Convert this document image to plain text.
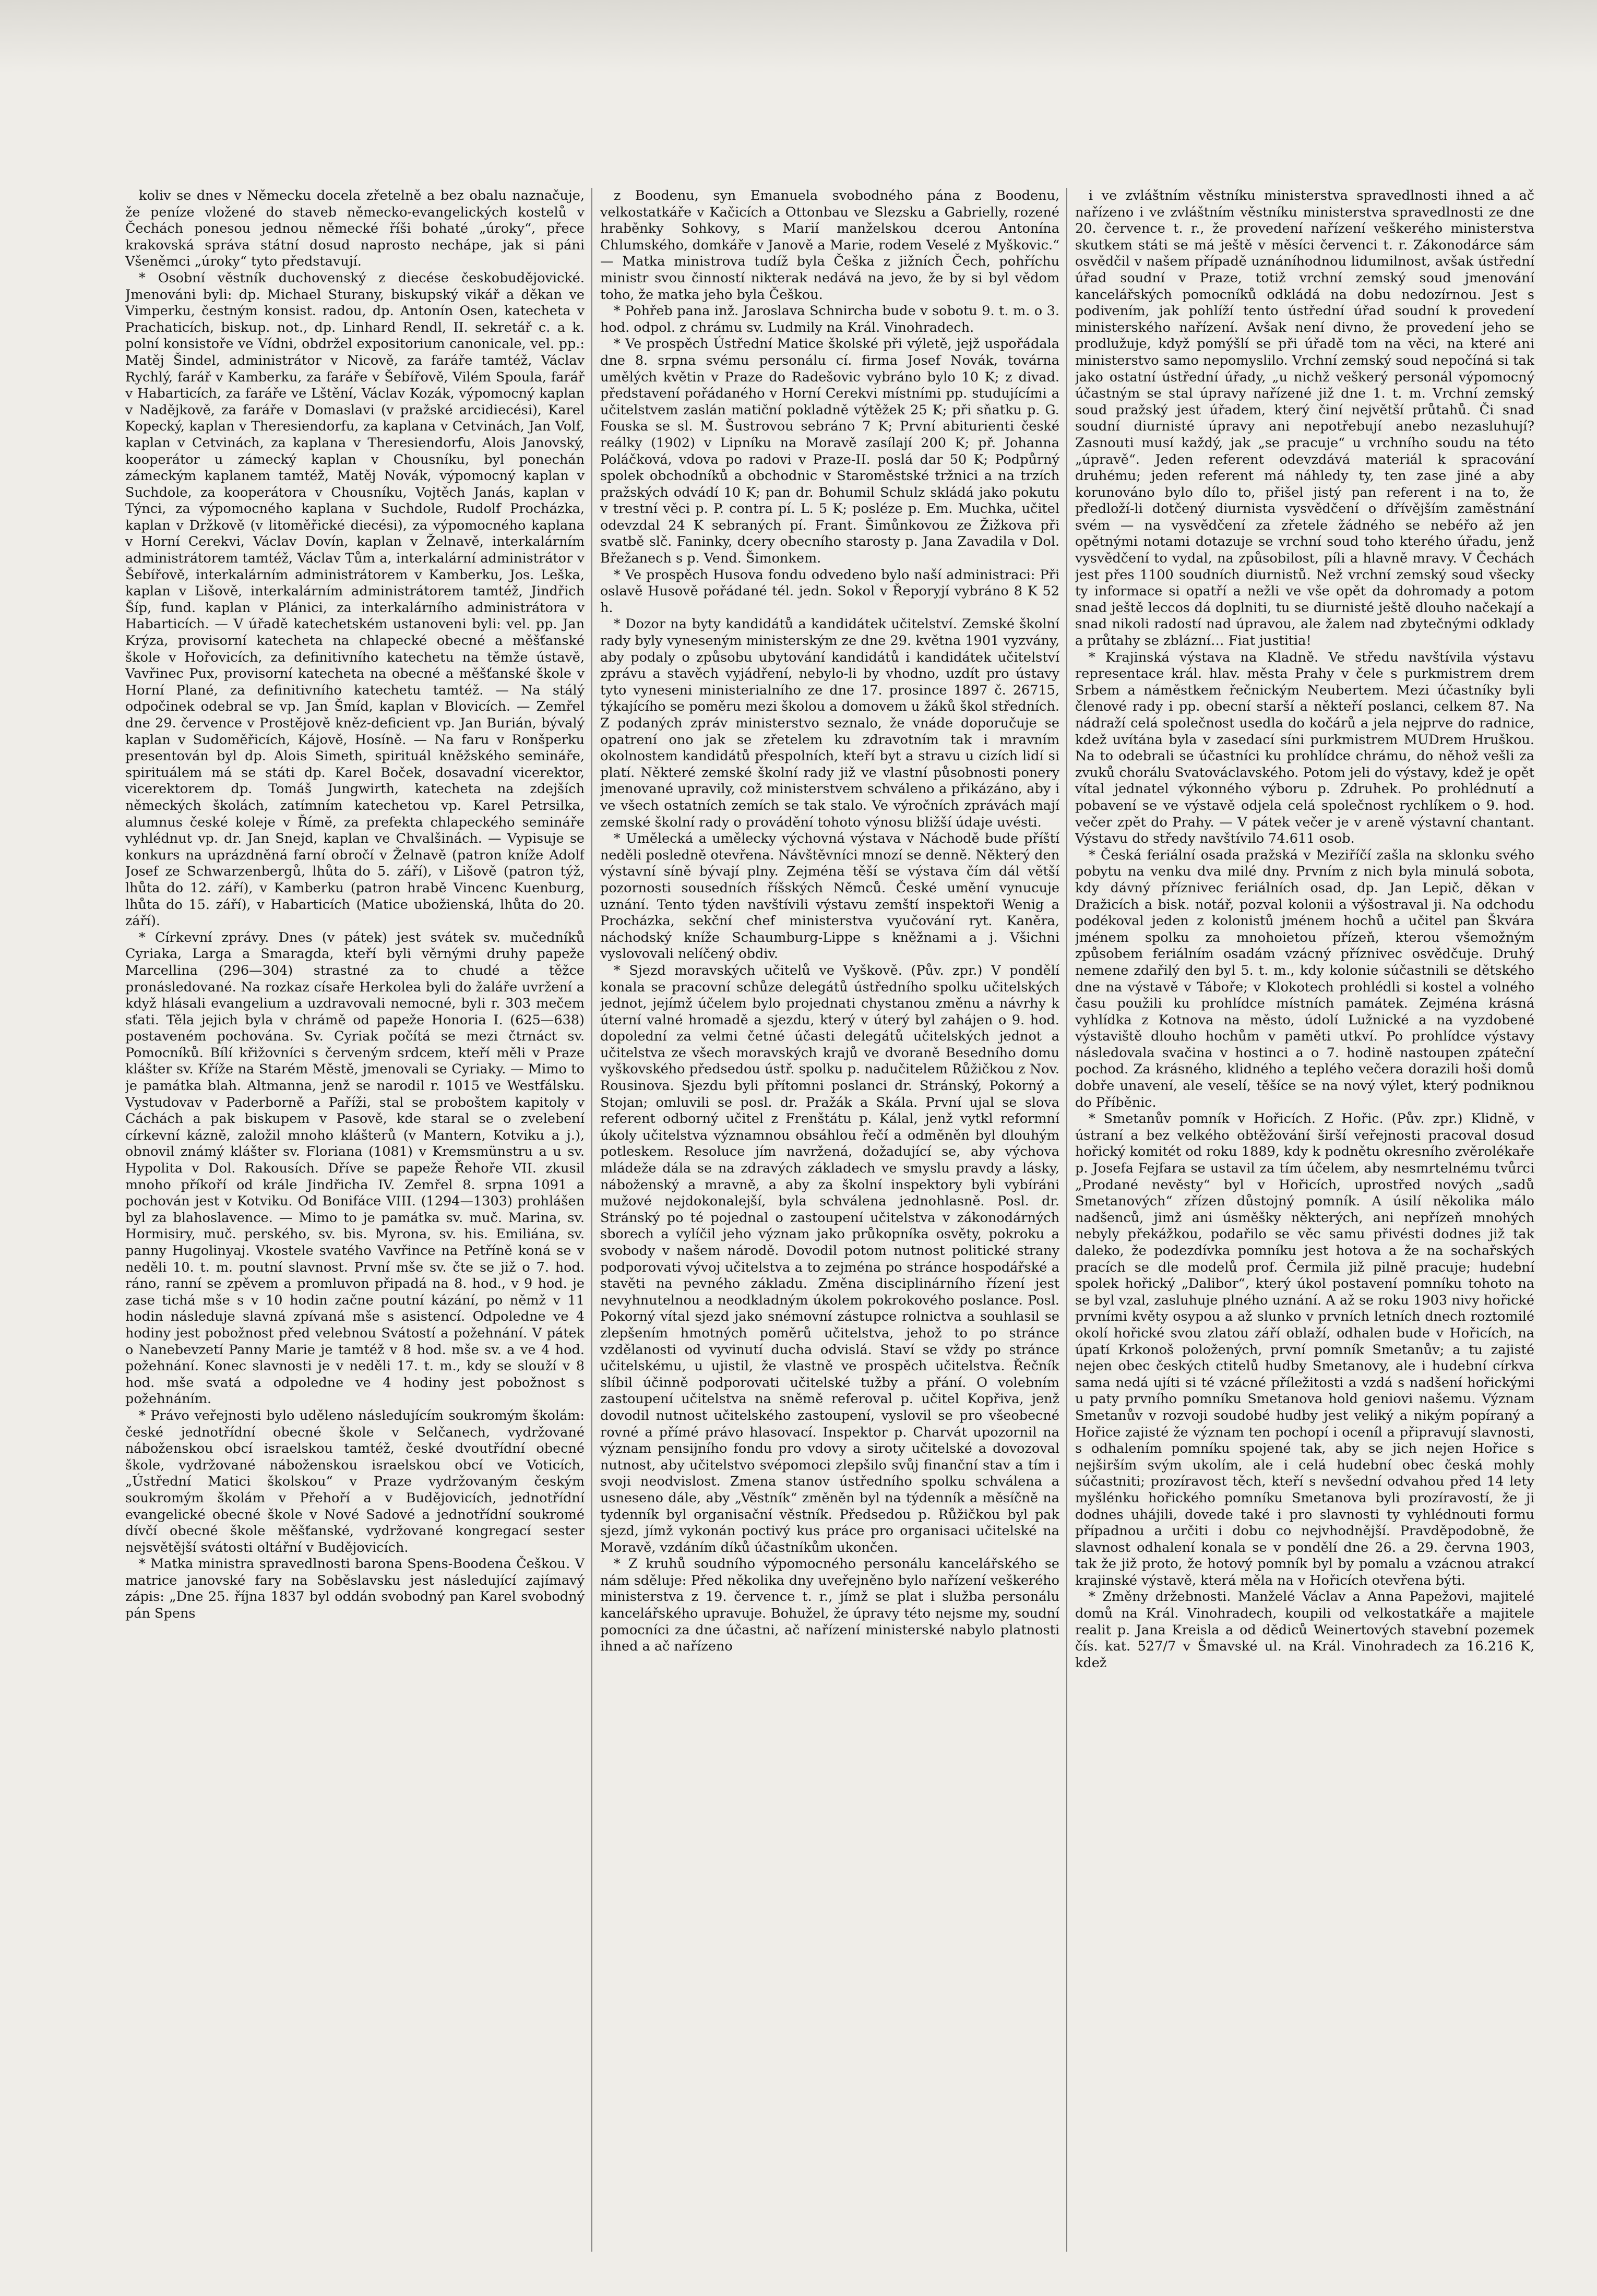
koliv se dnes v Německu docela zřetelně a bez obalu naznačuje, že peníze vložené do staveb německo-evangelických kostelů v Čechách ponesou jednou německé říši bohaté „úroky“, přece krakovská správa státní dosud naprosto nechápe, jak si páni Všeněmci „úroky“ tyto představují.

* Osobní věstník duchovenský z diecése českobudějovické. Jmenováni byli: dp. Michael Sturany, biskupský vikář a děkan ve Vimperku, čestným konsist. radou, dp. Antonín Osen, katecheta v Prachaticích, biskup. not., dp. Linhard Rendl, II. sekretář c. a k. polní konsistoře ve Vídni, obdržel expositorium canonicale, vel. pp.: Matěj Šindel, administrátor v Nicově, za faráře tamtéž, Václav Rychlý, farář v Kamberku, za faráře v Šebířově, Vilém Spoula, farář v Habarticích, za faráře ve Lštění, Václav Kozák, výpomocný kaplan v Nadějkově, za faráře v Domaslavi (v pražské arcidiecési), Karel Kopecký, kaplan v Theresiendorfu, za kaplana v Cetvinách, Jan Volf, kaplan v Cetvinách, za kaplana v Theresiendorfu, Alois Janovský, kooperátor u zámecký kaplan v Chousníku, byl ponechán zámeckým kaplanem tamtéž, Matěj Novák, výpomocný kaplan v Suchdole, za kooperátora v Chousníku, Vojtěch Janás, kaplan v Týnci, za výpomocného kaplana v Suchdole, Rudolf Procházka, kaplan v Držkově (v litoměřické diecési), za výpomocného kaplana v Horní Cerekvi, Václav Dovín, kaplan v Želnavě, interkalárním administrátorem tamtéž, Václav Tům a, interkalární administrátor v Šebířově, interkalárním administrátorem v Kamberku, Jos. Leška, kaplan v Lišově, interkalárním administrátorem tamtéž, Jindřich Šíp, fund. kaplan v Plánici, za interkalárního administrátora v Habarticích. — V úřadě katechetském ustanoveni byli: vel. pp. Jan Krýza, provisorní katecheta na chlapecké obecné a měšťanské škole v Hořovicích, za definitivního katechetu na těmže ústavě, Vavřinec Pux, provisorní katecheta na obecné a měšťanské škole v Horní Plané, za definitivního katechetu tamtéž. — Na stálý odpočinek odebral se vp. Jan Šmíd, kaplan v Blovicích. — Zemřel dne 29. července v Prostějově kněz-deficient vp. Jan Burián, bývalý kaplan v Sudoměřicích, Kájově, Hosíně. — Na faru v Ronšperku presentován byl dp. Alois Simeth, spirituál kněžského semináře, spirituálem má se státi dp. Karel Boček, dosavadní vicerektor, vicerektorem dp. Tomáš Jungwirth, katecheta na zdejších německých školách, zatímním katechetou vp. Karel Petrsilka, alumnus české koleje v Římě, za prefekta chlapeckého semináře vyhlédnut vp. dr. Jan Snejd, kaplan ve Chvalšinách. — Vypisuje se konkurs na uprázdněná farní obročí v Želnavě (patron kníže Adolf Josef ze Schwarzenbergů, lhůta do 5. září), v Lišově (patron týž, lhůta do 12. září), v Kamberku (patron hrabě Vincenc Kuenburg, lhůta do 15. září), v Habarticích (Matice ubožienská, lhůta do 20. září).

* Církevní zprávy. Dnes (v pátek) jest svátek sv. mučedníků Cyriaka, Larga a Smaragda, kteří byli věrnými druhy papeže Marcellina (296—304) strastné za to chudé a těžce pronásledované. Na rozkaz císaře Herkolea byli do žaláře uvržení a když hlásali evangelium a uzdravovali nemocné, byli r. 303 mečem sťati. Těla jejich byla v chrámě od papeže Honoria I. (625—638) postaveném pochována. Sv. Cyriak počítá se mezi čtrnáct sv. Pomocníků. Bílí křižovníci s červeným srdcem, kteří měli v Praze klášter sv. Kříže na Starém Městě, jmenovali se Cyriaky. — Mimo to je památka blah. Altmanna, jenž se narodil r. 1015 ve Westfálsku. Vystudovav v Paderborně a Paříži, stal se proboštem kapitoly v Cáchách a pak biskupem v Pasově, kde staral se o zvelebení církevní kázně, založil mnoho klášterů (v Mantern, Kotviku a j.), obnovil známý klášter sv. Floriana (1081) v Kremsmünstru a u sv. Hypolita v Dol. Rakousích. Dříve se papeže Řehoře VII. zkusil mnoho příkoří od krále Jindřicha IV. Zemřel 8. srpna 1091 a pochován jest v Kotviku. Od Bonifáce VIII. (1294—1303) prohlášen byl za blahoslavence. — Mimo to je památka sv. muč. Marina, sv. Hormisiry, muč. perského, sv. bis. Myrona, sv. his. Emiliána, sv. panny Hugolinyaj. Vkostele svatého Vavřince na Petříně koná se v neděli 10. t. m. poutní slavnost. První mše sv. čte se již o 7. hod. ráno, ranní se zpěvem a promluvon připadá na 8. hod., v 9 hod. je zase tichá mše s v 10 hodin začne poutní kázání, po němž v 11 hodin následuje slavná zpívaná mše s asistencí. Odpoledne ve 4 hodiny jest pobožnost před velebnou Svátostí a požehnání. V pátek o Nanebevzetí Panny Marie je tamtéž v 8 hod. mše sv. a ve 4 hod. požehnání. Konec slavnosti je v neděli 17. t. m., kdy se slouží v 8 hod. mše svatá a odpoledne ve 4 hodiny jest pobožnost s požehnáním.

* Právo veřejnosti bylo uděleno následujícím soukromým školám: české jednotřídní obecné škole v Selčanech, vydržované náboženskou obcí israelskou tamtéž, české dvoutřídní obecné škole, vydržované náboženskou israelskou obcí ve Voticích, „Ústřední Matici školskou“ v Praze vydržovaným českým soukromým školám v Přehoří a v Budějovicích, jednotřídní evangelické obecné škole v Nové Sadové a jednotřídní soukromé dívčí obecné škole měšťanské, vydržované kongregací sester nejsvětější svátosti oltářní v Budějovicích.

* Matka ministra spravedlnosti barona Spens-Boodena Češkou. V matrice janovské fary na Soběslavsku jest následující zajímavý zápis: „Dne 25. října 1837 byl oddán svobodný pan Karel svobodný pán Spens

z Boodenu, syn Emanuela svobodného pána z Boodenu, velkostatkáře v Kačicích a Ottonbau ve Slezsku a Gabrielly, rozené hraběnky Sohkovy, s Marií manželskou dcerou Antonína Chlumského, domkáře v Janově a Marie, rodem Veselé z Myškovic.“ — Matka ministrova tudíž byla Češka z jižních Čech, pohříchu ministr svou činností nikterak nedává na jevo, že by si byl vědom toho, že matka jeho byla Češkou.

* Pohřeb pana inž. Jaroslava Schnircha bude v sobotu 9. t. m. o 3. hod. odpol. z chrámu sv. Ludmily na Král. Vinohradech.

* Ve prospěch Ústřední Matice školské při výletě, jejž uspořádala dne 8. srpna svému personálu cí. firma Josef Novák, továrna umělých květin v Praze do Radešovic vybráno bylo 10 K; z divad. představení pořádaného v Horní Cerekvi místními pp. studujícími a učitelstvem zaslán matiční pokladně výtěžek 25 K; při sňatku p. G. Fouska se sl. M. Šustrovou sebráno 7 K; První abiturienti české reálky (1902) v Lipníku na Moravě zasílají 200 K; př. Johanna Poláčková, vdova po radovi v Praze-II. poslá dar 50 K; Podpůrný spolek obchodníků a obchodnic v Staroměstské tržnici a na trzích pražských odvádí 10 K; pan dr. Bohumil Schulz skládá jako pokutu v trestní věci p. P. contra pí. L. 5 K; posléze p. Em. Muchka, učitel odevzdal 24 K sebraných pí. Frant. Šimůnkovou ze Žižkova při svatbě slč. Faninky, dcery obecního starosty p. Jana Zavadila v Dol. Břežanech s p. Vend. Šimonkem.

* Ve prospěch Husova fondu odvedeno bylo naší administraci: Při oslavě Husově pořádané tél. jedn. Sokol v Řeporyjí vybráno 8 K 52 h.

* Dozor na byty kandidátů a kandidátek učitelství. Zemské školní rady byly vyneseným ministerským ze dne 29. května 1901 vyzvány, aby podaly o způsobu ubytování kandidátů i kandidátek učitelství zprávu a stavěch vyjádření, nebylo-li by vhodno, uzdít pro ústavy tyto vyneseni ministerialního ze dne 17. prosince 1897 č. 26715, týkajícího se poměru mezi školou a domovem u žáků škol středních. Z podaných zpráv ministerstvo seznalo, že vnáde doporučuje se opatrení ono jak se zřetelem ku zdravotním tak i mravním okolnostem kandidátů přespolních, kteří byt a stravu u cizích lidí si platí. Některé zemské školní rady již ve vlastní působnosti ponery jmenované upravily, což ministerstvem schváleno a přikázáno, aby i ve všech ostatních zemích se tak stalo. Ve výročních zprávách mají zemské školní rady o provádění tohoto výnosu bližší údaje uvésti.

* Umělecká a umělecky výchovná výstava v Náchodě bude příští neděli posledně otevřena. Návštěvníci mnozí se denně. Některý den výstavní síně bývají plny. Zejména těší se výstava čím dál větší pozornosti sousedních říšských Němců. České umění vynucuje uznání. Tento týden navštívili výstavu zemští inspektoři Wenig a Procházka, sekční chef ministerstva vyučování ryt. Kaněra, náchodský kníže Schaumburg-Lippe s kněžnami a j. Všichni vyslovovali nelíčený obdiv.

* Sjezd moravských učitelů ve Vyškově. (Pův. zpr.) V pondělí konala se pracovní schůze delegátů ústředního spolku učitelských jednot, jejímž účelem bylo projednati chystanou změnu a návrhy k úterní valné hromadě a sjezdu, který v úterý byl zahájen o 9. hod. dopolední za velmi četné účasti delegátů učitelských jednot a učitelstva ze všech moravských krajů ve dvoraně Besedního domu vyškovského předsedou ústř. spolku p. nadučitelem Růžičkou z Nov. Rousinova. Sjezdu byli přítomni poslanci dr. Stránský, Pokorný a Stojan; omluvili se posl. dr. Pražák a Skála. První ujal se slova referent odborný učitel z Frenštátu p. Kálal, jenž vytkl reformní úkoly učitelstva významnou obsáhlou řečí a odměněn byl dlouhým potleskem. Resoluce jím navržená, dožadující se, aby výchova mládeže dála se na zdravých základech ve smyslu pravdy a lásky, náboženský a mravně, a aby za školní inspektory byli vybíráni mužové nejdokonalejší, byla schválena jednohlasně. Posl. dr. Stránský po té pojednal o zastoupení učitelstva v zákonodárných sborech a vylíčil jeho význam jako průkopníka osvěty, pokroku a svobody v našem národě. Dovodil potom nutnost politické strany podporovati vývoj učitelstva a to zejména po stránce hospodářské a stavěti na pevného základu. Změna disciplinárního řízení jest nevyhnutelnou a neodkladným úkolem pokrokového poslance. Posl. Pokorný vítal sjezd jako snémovní zástupce rolnictva a souhlasil se zlepšením hmotných poměrů učitelstva, jehož to po stránce vzdělanosti od vyvinutí ducha odvislá. Staví se vždy po stránce učitelskému, u ujistil, že vlastně ve prospěch učitelstva. Řečník slíbil účinně podporovati učitelské tužby a přání. O volebním zastoupení učitelstva na sněmě referoval p. učitel Kopřiva, jenž dovodil nutnost učitelského zastoupení, vyslovil se pro všeobecné rovné a přímé právo hlasovací. Inspektor p. Charvát upozornil na význam pensijního fondu pro vdovy a siroty učitelské a dovozoval nutnost, aby učitelstvo svépomoci zlepšilo svůj finanční stav a tím i svoji neodvislost. Zmena stanov ústředního spolku schválena a usneseno dále, aby „Věstník“ změněn byl na týdenník a měsíčně na tydenník byl organisační věstník. Předsedou p. Růžičkou byl pak sjezd, jímž vykonán poctivý kus práce pro organisaci učitelské na Moravě, vzdáním díků účastníkům ukončen.

* Z kruhů soudního výpomocného personálu kancelářského se nám sděluje: Před několika dny uveřejněno bylo nařízení veškerého ministerstva z 19. července t. r., jímž se plat i služba personálu kancelářského upravuje. Bohužel, že úpravy této nejsme my, soudní pomocníci za dne účastni, ač nařízení ministerské nabylo platnosti ihned a ač nařízeno

i ve zvláštním věstníku ministerstva spravedlnosti ihned a ač nařízeno i ve zvláštním věstníku ministerstva spravedlnosti ze dne 20. července t. r., že provedení nařízení veškerého ministerstva skutkem státi se má ještě v měsíci červenci t. r. Zákonodárce sám osvědčil v našem případě uznáníhodnou lidumilnost, avšak ústřední úřad soudní v Praze, totiž vrchní zemský soud jmenování kancelářských pomocníků odkládá na dobu nedozírnou. Jest s podivením, jak pohlíží tento ústřední úřad soudní k provedení ministerského nařízení. Avšak není divno, že provedení jeho se prodlužuje, když pomýšlí se při úřadě tom na věci, na které ani ministerstvo samo nepomyslilo. Vrchní zemský soud nepočíná si tak jako ostatní ústřední úřady, „u nichž veškerý personál výpomocný účastným se stal úpravy nařízené již dne 1. t. m. Vrchní zemský soud pražský jest úřadem, který činí největší průtahů. Či snad soudní diurnisté úpravy ani nepotřebují anebo nezasluhují? Zasnouti musí každý, jak „se pracuje“ u vrchního soudu na této „úpravě“. Jeden referent odevzdává materiál k spracování druhému; jeden referent má náhledy ty, ten zase jiné a aby korunováno bylo dílo to, přišel jistý pan referent i na to, že předloží-li dotčený diurnista vysvědčení o dřívějším zaměstnání svém — na vysvědčení za zřetele žádného se nebéřo až jen opětnými notami dotazuje se vrchní soud toho kterého úřadu, jenž vysvědčení to vydal, na způsobilost, píli a hlavně mravy. V Čechách jest přes 1100 soudních diurnistů. Než vrchní zemský soud všecky ty informace si opatří a nežli ve vše opět da dohromady a potom snad ještě leccos dá doplniti, tu se diurnisté ještě dlouho načekají a snad nikoli radostí nad úpravou, ale žalem nad zbytečnými odklady a průtahy se zblázní… Fiat justitia!

* Krajinská výstava na Kladně. Ve středu navštívila výstavu representace král. hlav. města Prahy v čele s purkmistrem drem Srbem a náměstkem řečnickým Neubertem. Mezi účastníky byli členové rady i pp. obecní starší a někteří poslanci, celkem 87. Na nádraží celá společnost usedla do kočárů a jela nejprve do radnice, kdež uvítána byla v zasedací síni purkmistrem MUDrem Hruškou. Na to odebrali se účastníci ku prohlídce chrámu, do něhož vešli za zvuků chorálu Svatováclavského. Potom jeli do výstavy, kdež je opět vítal jednatel výkonného výboru p. Zdruhek. Po prohlédnutí a pobavení se ve výstavě odjela celá společnost rychlíkem o 9. hod. večer zpět do Prahy. — V pátek večer je v areně výstavní chantant. Výstavu do středy navštívilo 74.611 osob.

* Česká feriální osada pražská v Meziříčí zašla na sklonku svého pobytu na venku dva milé dny. Prvním z nich byla minulá sobota, kdy dávný příznivec feriálních osad, dp. Jan Lepič, děkan v Dražicích a bisk. notář, pozval kolonii a výšostraval ji. Na odchodu podékoval jeden z kolonistů jménem hochů a učitel pan Škvára jménem spolku za mnohoietou přízeň, kterou všemožným způsobem feriálním osadám vzácný příznivec osvědčuje. Druhý nemene zdařilý den byl 5. t. m., kdy kolonie súčastnili se dětského dne na výstavě v Táboře; v Klokotech prohlédli si kostel a volného času použili ku prohlídce místních památek. Zejména krásná vyhlídka z Kotnova na město, údolí Lužnické a na vyzdobené výstaviště dlouho hochům v paměti utkví. Po prohlídce výstavy následovala svačina v hostinci a o 7. hodině nastoupen zpáteční pochod. Za krásného, klidného a teplého večera dorazili hoši domů dobře unavení, ale veselí, těšíce se na nový výlet, který podniknou do Příběnic.

* Smetanův pomník v Hořicích. Z Hořic. (Pův. zpr.) Klidně, v ústraní a bez velkého obtěžování širší veřejnosti pracoval dosud hořický komitét od roku 1889, kdy k podnětu okresního zvěrolékaře p. Josefa Fejfara se ustavil za tím účelem, aby nesmrtelnému tvůrci „Prodané nevěsty“ byl v Hořicích, uprostřed nových „sadů Smetanových“ zřízen důstojný pomník. A úsilí několika málo nadšenců, jimž ani úsměšky některých, ani nepřízeň mnohých nebyly překážkou, podařilo se věc samu přivésti dodnes již tak daleko, že podezdívka pomníku jest hotova a že na sochařských pracích se dle modelů prof. Čermila již pilně pracuje; hudební spolek hořický „Dalibor“, který úkol postavení pomníku tohoto na se byl vzal, zasluhuje plného uznání. A až se roku 1903 nivy hořické prvními květy osypou a až slunko v prvních letních dnech roztomilé okolí hořické svou zlatou září oblaží, odhalen bude v Hořicích, na úpatí Krkonoš položených, první pomník Smetanův; a tu zajisté nejen obec českých ctitelů hudby Smetanovy, ale i hudební církva sama nedá ujíti si té vzácné příležitosti a vzdá s nadšení hořickými u paty prvního pomníku Smetanova hold geniovi našemu. Význam Smetanův v rozvoji soudobé hudby jest veliký a nikým popíraný a Hořice zajisté že význam ten pochopí i oceníl a připravují slavnosti, s odhalením pomníku spojené tak, aby se jich nejen Hořice s nejširším svým ukolím, ale i celá hudební obec česká mohly súčastniti; prozíravost těch, kteří s nevšední odvahou před 14 lety myšlénku hořického pomníku Smetanova byli prozíravostí, že ji dodnes uhájili, dovede také i pro slavnosti ty vyhlédnouti formu případnou a určiti i dobu co nejvhodnější. Pravděpodobně, že slavnost odhalení konala se v pondělí dne 26. a 29. června 1903, tak že již proto, že hotový pomník byl by pomalu a vzácnou atrakcí krajinské výstavě, která měla na v Hořicích otevřena býti.

* Změny držebnosti. Manželé Václav a Anna Papežovi, majitelé domů na Král. Vinohradech, koupili od velkostatkáře a majitele realit p. Jana Kreisla a od dědiců Weinertových stavební pozemek čís. kat. 527/7 v Šmavské ul. na Král. Vinohradech za 16.216 K, kdež
